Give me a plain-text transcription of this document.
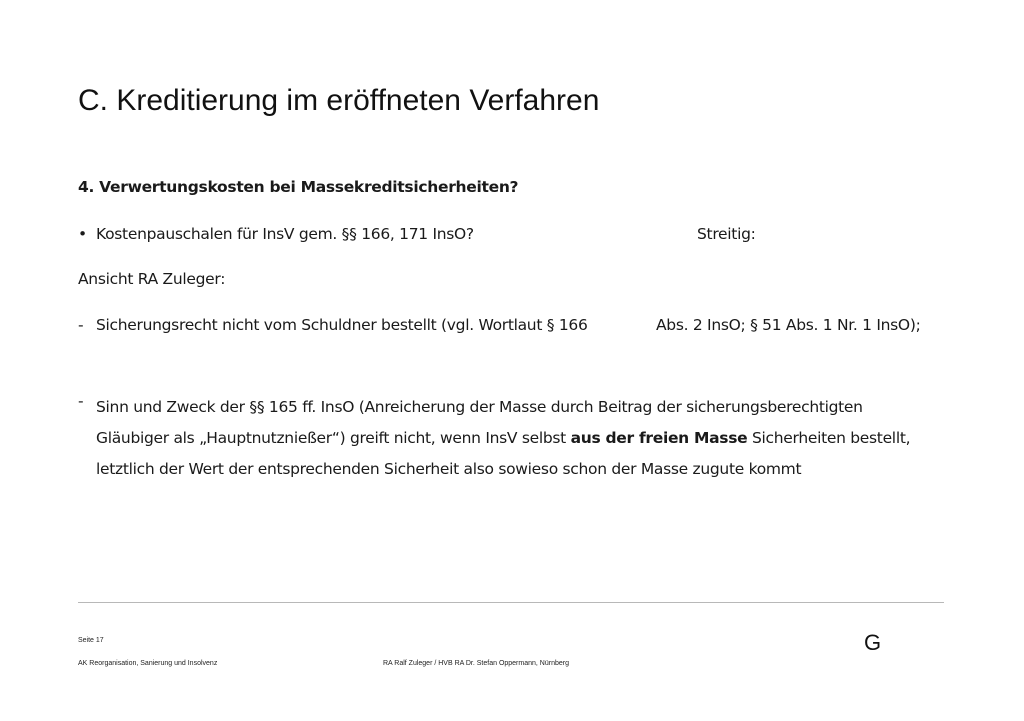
C. Kreditierung im eröffneten Verfahren
4. Verwertungskosten bei Massekreditsicherheiten?
• Kostenpauschalen für InsV gem. §§ 166, 171 InsO?	Streitig:
Ansicht RA Zuleger:
- Sicherungsrecht nicht vom Schuldner bestellt (vgl. Wortlaut § 166	Abs. 2 InsO; § 51 Abs. 1 Nr. 1 InsO);
- Sinn und Zweck der §§ 165 ff. InsO (Anreicherung der Masse durch Beitrag der sicherungsberechtigten
Gläubiger als „Hauptnutznießer“) greift nicht, wenn InsV selbst aus der freien Masse Sicherheiten bestellt,
letztlich der Wert der entsprechenden Sicherheit also sowieso schon der Masse zugute kommt
Seite 17
AK Reorganisation, Sanierung und Insolvenz	RA Ralf Zuleger / HVB RA Dr. Stefan Oppermann, Nürnberg
G
